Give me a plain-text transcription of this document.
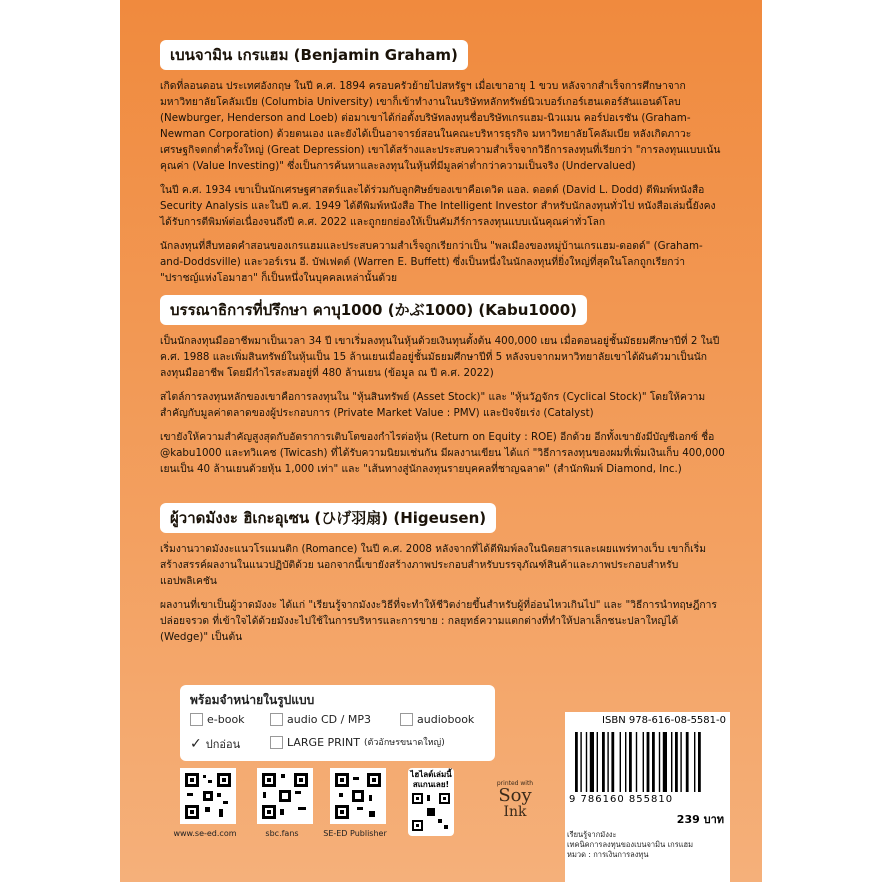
เบนจามิน เกรแฮม (Benjamin Graham)

เกิดที่ลอนดอน ประเทศอังกฤษ ในปี ค.ศ. 1894 ครอบครัวย้ายไปสหรัฐฯ เมื่อเขาอายุ 1 ขวบ หลังจากสำเร็จการศึกษาจากมหาวิทยาลัยโคลัมเบีย (Columbia University) เขาก็เข้าทำงานในบริษัทหลักทรัพย์นิวเบอร์เกอร์เฮนเดอร์สันแอนด์โลบ (Newburger, Henderson and Loeb) ต่อมาเขาได้ก่อตั้งบริษัทลงทุนชื่อบริษัทเกรแฮม-นิวแมน คอร์ปอเรชัน (Graham-Newman Corporation) ด้วยตนเอง และยังได้เป็นอาจารย์สอนในคณะบริหารธุรกิจ มหาวิทยาลัยโคลัมเบีย หลังเกิดภาวะเศรษฐกิจตกต่ำครั้งใหญ่ (Great Depression) เขาได้สร้างและประสบความสำเร็จจากวิธีการลงทุนที่เรียกว่า "การลงทุนแบบเน้นคุณค่า (Value Investing)" ซึ่งเป็นการค้นหาและลงทุนในหุ้นที่มีมูลค่าต่ำกว่าความเป็นจริง (Undervalued)

ในปี ค.ศ. 1934 เขาเป็นนักเศรษฐศาสตร์และได้ร่วมกับลูกศิษย์ของเขาคือเดวิด แอล. ดอดด์ (David L. Dodd) ตีพิมพ์หนังสือ Security Analysis และในปี ค.ศ. 1949 ได้ตีพิมพ์หนังสือ The Intelligent Investor สำหรับนักลงทุนทั่วไป หนังสือเล่มนี้ยังคงได้รับการตีพิมพ์ต่อเนื่องจนถึงปี ค.ศ. 2022 และถูกยกย่องให้เป็นคัมภีร์การลงทุนแบบเน้นคุณค่าทั่วโลก

นักลงทุนที่สืบทอดคำสอนของเกรแฮมและประสบความสำเร็จถูกเรียกว่าเป็น "พลเมืองของหมู่บ้านเกรแฮม-ดอดด์" (Graham-and-Doddsville) และวอร์เรน อี. บัฟเฟตต์ (Warren E. Buffett) ซึ่งเป็นหนึ่งในนักลงทุนที่ยิ่งใหญ่ที่สุดในโลกถูกเรียกว่า "ปราชญ์แห่งโอมาฮา" ก็เป็นหนึ่งในบุคคลเหล่านั้นด้วย

บรรณาธิการที่ปรึกษา คาบุ1000 (かぶ1000) (Kabu1000)

เป็นนักลงทุนมืออาชีพมาเป็นเวลา 34 ปี เขาเริ่มลงทุนในหุ้นด้วยเงินทุนตั้งต้น 400,000 เยน เมื่อตอนอยู่ชั้นมัธยมศึกษาปีที่ 2 ในปี ค.ศ. 1988 และเพิ่มสินทรัพย์ในหุ้นเป็น 15 ล้านเยนเมื่ออยู่ชั้นมัธยมศึกษาปีที่ 5 หลังจบจากมหาวิทยาลัยเขาได้ผันตัวมาเป็นนักลงทุนมืออาชีพ โดยมีกำไรสะสมอยู่ที่ 480 ล้านเยน (ข้อมูล ณ ปี ค.ศ. 2022)

สไตล์การลงทุนหลักของเขาคือการลงทุนใน "หุ้นสินทรัพย์ (Asset Stock)" และ "หุ้นวัฏจักร (Cyclical Stock)" โดยให้ความสำคัญกับมูลค่าตลาดของผู้ประกอบการ (Private Market Value : PMV) และปัจจัยเร่ง (Catalyst)

เขายังให้ความสำคัญสูงสุดกับอัตราการเติบโตของกำไรต่อหุ้น (Return on Equity : ROE) อีกด้วย อีกทั้งเขายังมีบัญชีเอกซ์ ชื่อ @kabu1000 และทวิแคช (Twicash) ที่ได้รับความนิยมเช่นกัน มีผลงานเขียน ได้แก่ "วิธีการลงทุนของผมที่เพิ่มเงินเก็บ 400,000 เยนเป็น 40 ล้านเยนด้วยหุ้น 1,000 เท่า" และ "เส้นทางสู่นักลงทุนรายบุคคลที่ชาญฉลาด" (สำนักพิมพ์ Diamond, Inc.)

ผู้วาดมังงะ ฮิเกะอุเซน (ひげ羽扇) (Higeusen)

เริ่มงานวาดมังงะแนวโรแมนติก (Romance) ในปี ค.ศ. 2008 หลังจากที่ได้ตีพิมพ์ลงในนิตยสารและเผยแพร่ทางเว็บ เขาก็เริ่มสร้างสรรค์ผลงานในแนวปฏิบัติด้วย นอกจากนี้เขายังสร้างภาพประกอบสำหรับบรรจุภัณฑ์สินค้าและภาพประกอบสำหรับแอปพลิเคชัน

ผลงานที่เขาเป็นผู้วาดมังงะ ได้แก่ "เรียนรู้จากมังงะวิธีที่จะทำให้ชีวิตง่ายขึ้นสำหรับผู้ที่อ่อนไหวเกินไป" และ "วิธีการนำทฤษฎีการปล่อยจรวด ที่เข้าใจได้ด้วยมังงะไปใช้ในการบริหารและการขาย : กลยุทธ์ความแตกต่างที่ทำให้ปลาเล็กชนะปลาใหญ่ได้ (Wedge)" เป็นต้น

พร้อมจำหน่ายในรูปแบบ
e-book	audio CD / MP3	audiobook
✓ ปกอ่อน	LARGE PRINT (ตัวอักษรขนาดใหญ่)
www.se-ed.com	sbc.fans	SE-ED Publisher
ไฮไลต์เล่มนี้
สแกนเลย!	printed with
Soy
Ink
ISBN 978-616-08-5581-0
9 786160 855810
239 บาท
เรียนรู้จากมังงะ
เทคนิคการลงทุนของเบนจามิน เกรแฮม
หมวด : การเงินการลงทุน
